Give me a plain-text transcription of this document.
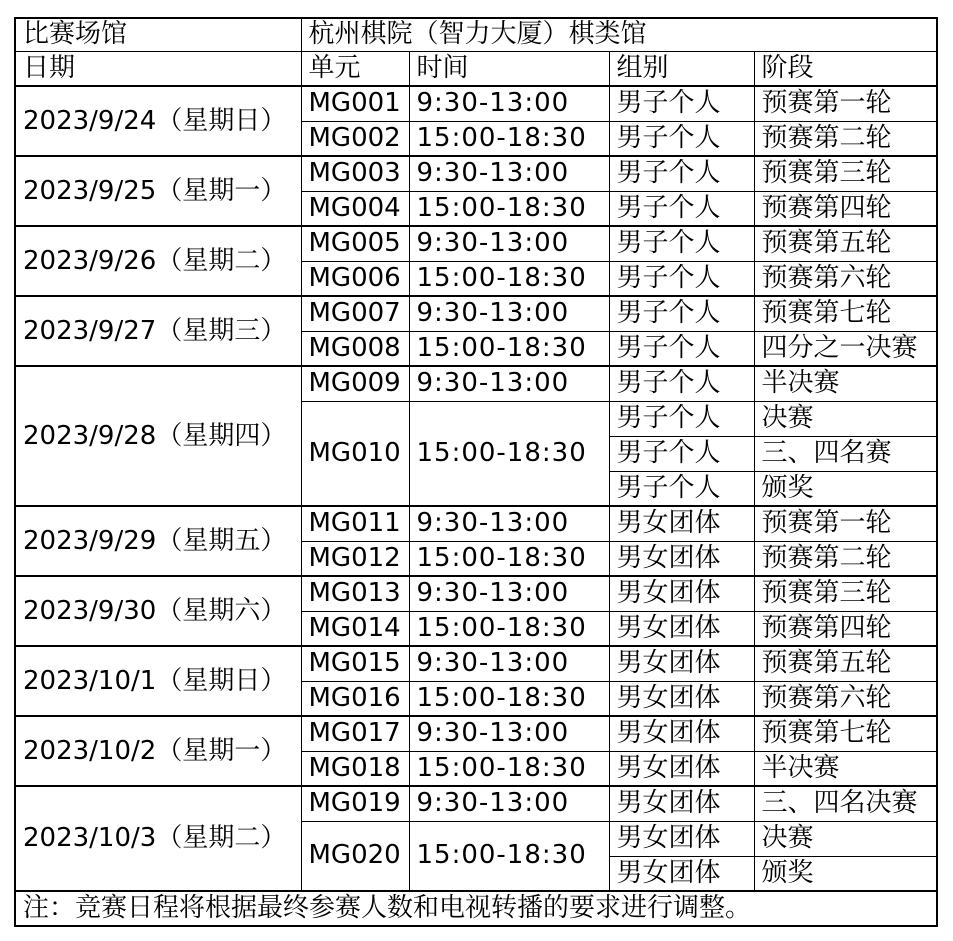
比赛场馆	杭州棋院（智力大厦）棋类馆			
日期	单元	时间	组别	阶段
2023/9/24（星期日）	MG001	9:30-13:00	男子个人	预赛第一轮
	MG002	15:00-18:30	男子个人	预赛第二轮
2023/9/25（星期一）	MG003	9:30-13:00	男子个人	预赛第三轮
	MG004	15:00-18:30	男子个人	预赛第四轮
2023/9/26（星期二）	MG005	9:30-13:00	男子个人	预赛第五轮
	MG006	15:00-18:30	男子个人	预赛第六轮
2023/9/27（星期三）	MG007	9:30-13:00	男子个人	预赛第七轮
	MG008	15:00-18:30	男子个人	四分之一决赛
2023/9/28（星期四）	MG009	9:30-13:00	男子个人	半决赛
	MG010	15:00-18:30	男子个人	决赛
			男子个人	三、四名赛
			男子个人	颁奖
2023/9/29（星期五）	MG011	9:30-13:00	男女团体	预赛第一轮
	MG012	15:00-18:30	男女团体	预赛第二轮
2023/9/30（星期六）	MG013	9:30-13:00	男女团体	预赛第三轮
	MG014	15:00-18:30	男女团体	预赛第四轮
2023/10/1（星期日）	MG015	9:30-13:00	男女团体	预赛第五轮
	MG016	15:00-18:30	男女团体	预赛第六轮
2023/10/2（星期一）	MG017	9:30-13:00	男女团体	预赛第七轮
	MG018	15:00-18:30	男女团体	半决赛
2023/10/3（星期二）	MG019	9:30-13:00	男女团体	三、四名决赛
	MG020	15:00-18:30	男女团体	决赛
			男女团体	颁奖
注：竞赛日程将根据最终参赛人数和电视转播的要求进行调整。				
